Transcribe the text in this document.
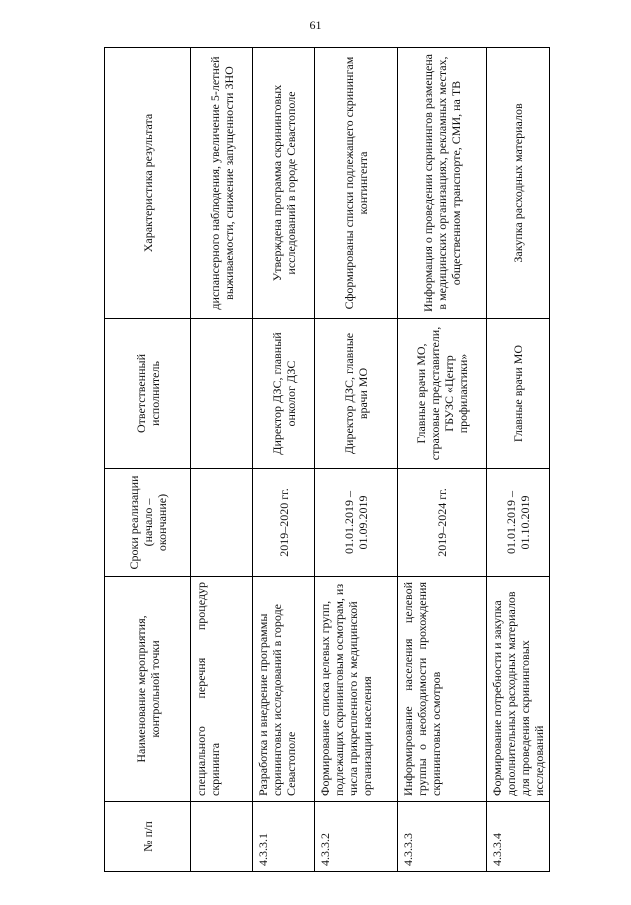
61
№ п/п	Наименование мероприятия, контрольной точки	Сроки реализации (начало – окончание)	Ответственный исполнитель	Характеристика результата
	специального перечня процедур скрининга			диспансерного наблюдения, увеличение 5-летней выживаемости, снижение запущенности ЗНО
4.3.3.1	Разработка и внедрение программы скрининговых исследований в городе Севастополе	2019–2020 гг.	Директор ДЗС, главный онколог ДЗС	Утверждена программа скрининговых исследований в городе Севастополе
4.3.3.2	Формирование списка целевых групп, подлежащих скрининговым осмотрам, из числа прикрепленного к медицинской организации населения	01.01.2019 – 01.09.2019	Директор ДЗС, главные врачи МО	Сформированы списки подлежащего скринингам контингента
4.3.3.3	Информирование населения целевой группы о необходимости прохождения скрининговых осмотров	2019–2024 гг.	Главные врачи МО, страховые представители, ГБУЗС «Центр профилактики»	Информация о проведении скринингов размещена в медицинских организациях, рекламных местах, общественном транспорте, СМИ, на ТВ
4.3.3.4	Формирование потребности и закупка дополнительных расходных материалов для проведения скрининговых исследований	01.01.2019 – 01.10.2019	Главные врачи МО	Закупка расходных материалов
